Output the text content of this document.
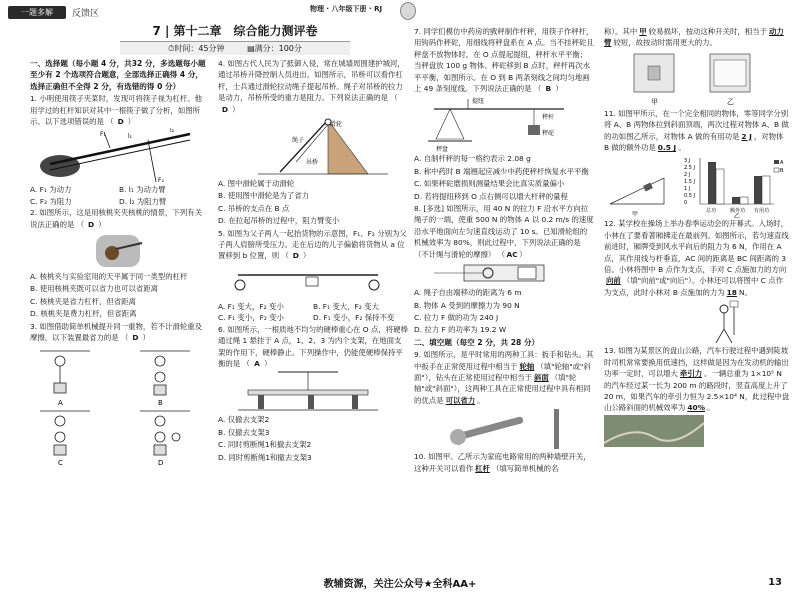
一题多解	反馈区	物理 · 八年级下册 · RJ
7 | 第十二章　综合能力测评卷
⏱时间：45分钟	▤满分：100分
一、选择题（每小题 4 分，共32 分，多选题每小题至少有 2 个选项符合题意，全部选择正确得 4 分，选择正确但不全得 2 分，有选错的得 0 分）
1. 小明使用筷子夹菜时，发现可将筷子视为杠杆。他用学过的杠杆知识对其中一根筷子做了分析，如图所示。以下选项错误的是 （ D ）
F₁
F₂
l₁
l₂
A. F₁ 为动力	B. l₁ 为动力臂
C. F₂ 为阻力	D. l₂ 为阻力臂
2. 如图所示，这是用核桃夹夹核桃的情景，下列有关说法正确的是 （ D ）
A. 核桃夹与实验室用的天平属于同一类型的杠杆
B. 使用核桃夹既可以省力也可以省距离
C. 核桃夹是省力杠杆，但省距离
D. 核桃夹是费力杠杆，但省距离
3. 如图借助简单机械提升同一重物，若不计滑轮重及摩擦，以下装置最省力的是 （ D ）
A	B
C	D
4. 如图古代人民为了抵御入侵，常在城墙周围建护城河，通过吊桥升降控制人员进出。如图所示，吊桥可以看作杠杆，士兵通过滑轮拉动绳子提起吊桥。绳子对吊桥的拉力是动力，吊桥所受的重力是阻力。下列说法正确的是 （D ）
滑轮
绳子
吊桥
A. 图中滑轮属于动滑轮
B. 使用图中滑轮是为了省力
C. 吊桥的支点在 B 点
D. 在拉起吊桥的过程中，阻力臂变小
5. 如图为父子两人一起抬货物的示意图，F₁、F₂ 分别为父子两人肩膀所受压力。走在后边的儿子偏偷将货物从 a 位置移到 b 位置，则 （ D ）
A. F₁ 变大，F₂ 变小	B. F₁ 变大，F₂ 变大
C. F₁ 变小，F₂ 变小	D. F₁ 变小，F₂ 保持不变
6. 如图所示，一根质地不均匀的硬棒重心在 O 点，将硬棒通过绳 1 悬挂于 A 点，1、2、3 为内个支架，在地面支架的作用下，硬棒静止。下列操作中，仍能使硬棒保持平衡的是 （ A ）
A. 仅撤去支架2
B. 仅撤去支架3
C. 同时剪断绳1和撤去支架2
D. 同时剪断绳1和撤去支架3
7. 同学们模仿中药房的戥秤制作杆秤，用筷子作秤杆，用钩码作秤砣，用细线将秤盘系在 A 点。当不挂秤砣且秤盘不放物体时，在 O 点提起提纽，秤杆水平平衡；当秤盘放 100 g 物体、秤砣移到 B 点时，秤杆再次水平平衡，如图所示。在 O 到 B 两条刻线之间均匀地画上 49 条刻度线。下列说法正确的是 （ B ）
提纽
秤杆
秤盘
秤砣
A. 自制杆秤的每一格约表示 2.08 g
B. 称中药时 B 端翘起应减少中药使秤杆恢复水平平衡
C. 如果秤砣磨损则测量结果会比真实质量偏小
D. 若将提纽移到 O 点右侧可以增大杆秤的量程
8. [多选] 如图所示，用 40 N 的拉力 F 沿水平方向拉绳子的一端，使重 500 N 的物体 A 以 0.2 m/s 的速度沿水平地面向左匀速直线运动了 10 s。已知滑轮组的机械效率为 80%，则此过程中，下列说法正确的是（不计绳与滑轮的摩擦） （AC）
A. 绳子自由端移动的距离为 6 m
B. 物体 A 受到的摩擦力为 90 N
C. 拉力 F 做的功为 240 J
D. 拉力 F 的功率为 19.2 W
二、填空题（每空 2 分，共 28 分）
9. 如图所示，是平时常用的两种工具：扳手和钻头。其中扳手在正常使用过程中相当于 轮轴 （填"轮轴"或"斜面"），钻头在正常使用过程中相当于 斜面 （填"轮轴"或"斜面"），这两种工具在正常使用过程中具有相同的优点是 可以省力 。
10. 如图甲、乙所示为家庭电路常用的两种墙壁开关，这种开关可以看作 杠杆 （填写简单机械的名
称）。其中 甲 较易损坏，按动这种开关时，相当于 动力臂 较短，故按动时需用更大的力。
甲	乙
11. 如图甲所示，在一个完全相同的物体，零等同学分别将 A、B 两物体拉到斜面顶端，两次过程对物体 A、B 做的功如图乙所示，对物体 A 做的有用功是 2 J ，对物体 B 做的额外功是 0.5 J 。
3 J
2.5 J
2 J
1.5 J
1 J
0.5 J
0
总功	额外功 有用功
A
B
甲	乙
12. 某学校在操场上举办春季运动会的开幕式。入场时，小林在了要看著厢拂走在最前列。如图所示，若匀速直线前进时，厢牌受到风水平向后的阻力为 6 N，作用在 A 点，其作用线与杆垂直，AC 间的距离是 BC 间距离的 3 倍。小林将图中 B 点作为支点，手对 C 点施加力的方向向前 （填"向前"或"向后"）。小林还可以将图中 C 点作为支点，此时小林对 B 点施加的力为 18 N。
13. 如图为某景区的盘山公路，汽车行驶过程中遇到陡坡时司机常常要换用低速挡，这样做是因为在发动机的输出功率一定时，可以增大 牵引力 。一辆总重为 1×10⁵ N 的汽车经过某一长为 200 m 的路段时，竖直高度上升了 20 m，如果汽车的牵引力恒为 2.5×10⁴ N，此过程中盘山公路斜面的机械效率为 40% 。
教辅资源，关注公众号★全科AA+	13
